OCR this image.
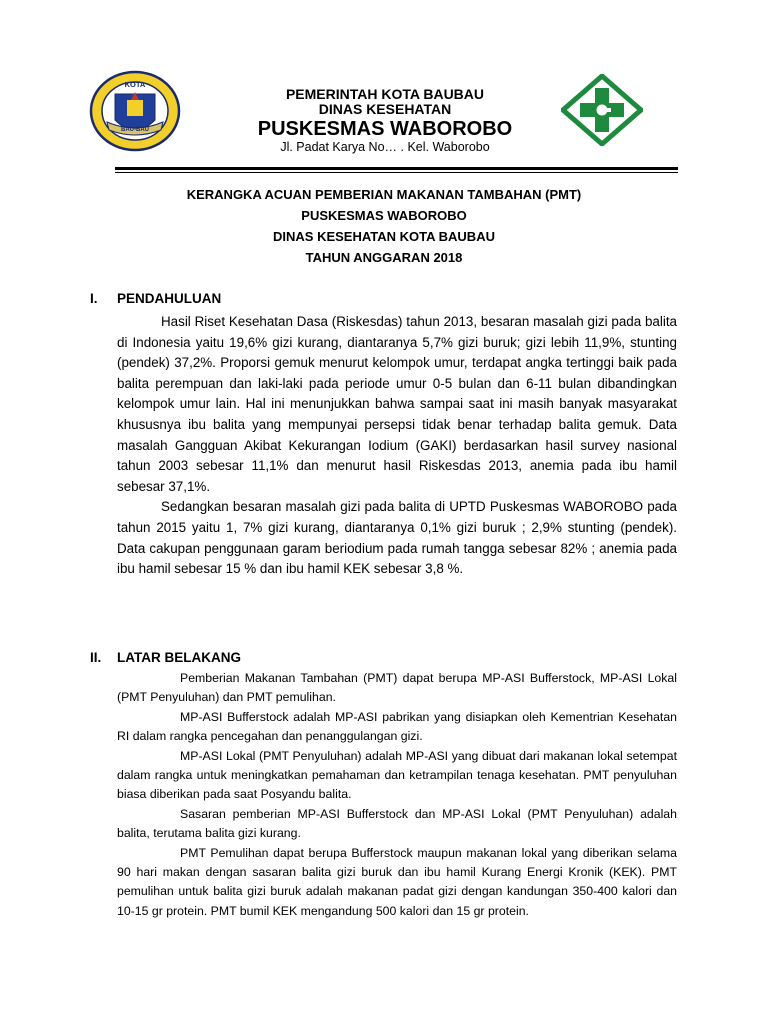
KOTA
BAU-BAU
PEMERINTAH KOTA BAUBAU
DINAS KESEHATAN
PUSKESMAS WABOROBO
Jl. Padat Karya No… . Kel. Waborobo
KERANGKA ACUAN PEMBERIAN MAKANAN TAMBAHAN (PMT)
PUSKESMAS WABOROBO
DINAS KESEHATAN KOTA BAUBAU
TAHUN ANGGARAN 2018
I. PENDAHULUAN

Hasil Riset Kesehatan Dasa (Riskesdas) tahun 2013, besaran masalah gizi pada balita di Indonesia yaitu 19,6% gizi kurang, diantaranya 5,7% gizi buruk; gizi lebih 11,9%, stunting (pendek) 37,2%. Proporsi gemuk menurut kelompok umur, terdapat angka tertinggi baik pada balita perempuan dan laki-laki pada periode umur 0-5 bulan dan 6-11 bulan dibandingkan kelompok umur lain. Hal ini menunjukkan bahwa sampai saat ini masih banyak masyarakat khususnya ibu balita yang mempunyai persepsi tidak benar terhadap balita gemuk. Data masalah Gangguan Akibat Kekurangan Iodium (GAKI) berdasarkan hasil survey nasional tahun 2003 sebesar 11,1% dan menurut hasil Riskesdas 2013, anemia pada ibu hamil sebesar 37,1%.

Sedangkan besaran masalah gizi pada balita di UPTD Puskesmas WABOROBO pada tahun 2015 yaitu 1, 7% gizi kurang, diantaranya 0,1% gizi buruk ; 2,9% stunting (pendek). Data cakupan penggunaan garam beriodium pada rumah tangga sebesar 82% ; anemia pada ibu hamil sebesar 15 % dan ibu hamil KEK sebesar 3,8 %.

II. LATAR BELAKANG

Pemberian Makanan Tambahan (PMT) dapat berupa MP-ASI Bufferstock, MP-ASI Lokal (PMT Penyuluhan) dan PMT pemulihan.

MP-ASI Bufferstock adalah MP-ASI pabrikan yang disiapkan oleh Kementrian Kesehatan RI dalam rangka pencegahan dan penanggulangan gizi.

MP-ASI Lokal (PMT Penyuluhan) adalah MP-ASI yang dibuat dari makanan lokal setempat dalam rangka untuk meningkatkan pemahaman dan ketrampilan tenaga kesehatan. PMT penyuluhan biasa diberikan pada saat Posyandu balita.

Sasaran pemberian MP-ASI Bufferstock dan MP-ASI Lokal (PMT Penyuluhan) adalah balita, terutama balita gizi kurang.

PMT Pemulihan dapat berupa Bufferstock maupun makanan lokal yang diberikan selama 90 hari makan dengan sasaran balita gizi buruk dan ibu hamil Kurang Energi Kronik (KEK). PMT pemulihan untuk balita gizi buruk adalah makanan padat gizi dengan kandungan 350-400 kalori dan 10-15 gr protein. PMT bumil KEK mengandung 500 kalori dan 15 gr protein.
